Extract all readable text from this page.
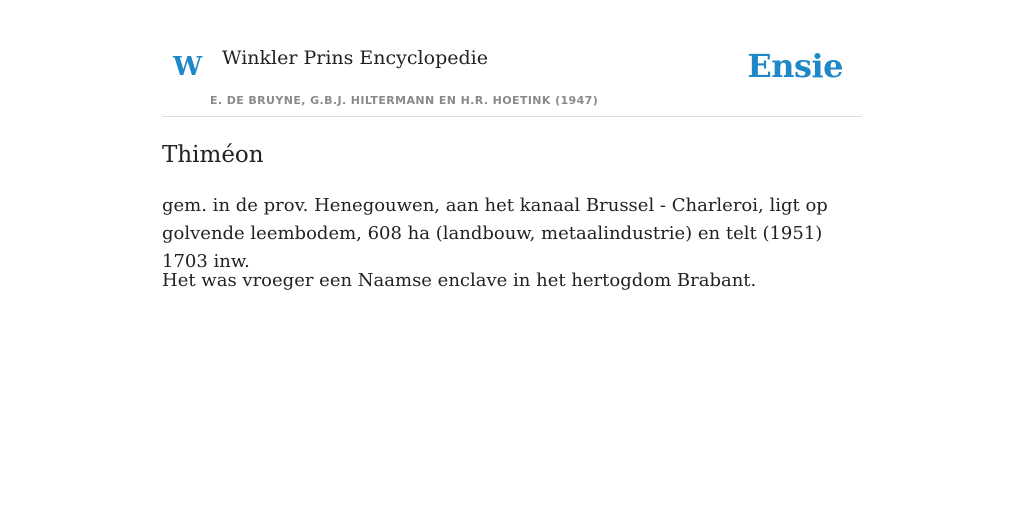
W Winkler Prins Encyclopedie
E. DE BRUYNE, G.B.J. HILTERMANN EN H.R. HOETINK (1947)
Ensie
Thiméon

gem. in de prov. Henegouwen, aan het kanaal Brussel - Charleroi, ligt op golvende leembodem, 608 ha (landbouw, metaalindustrie) en telt (1951) 1703 inw.

Het was vroeger een Naamse enclave in het hertogdom Brabant.
